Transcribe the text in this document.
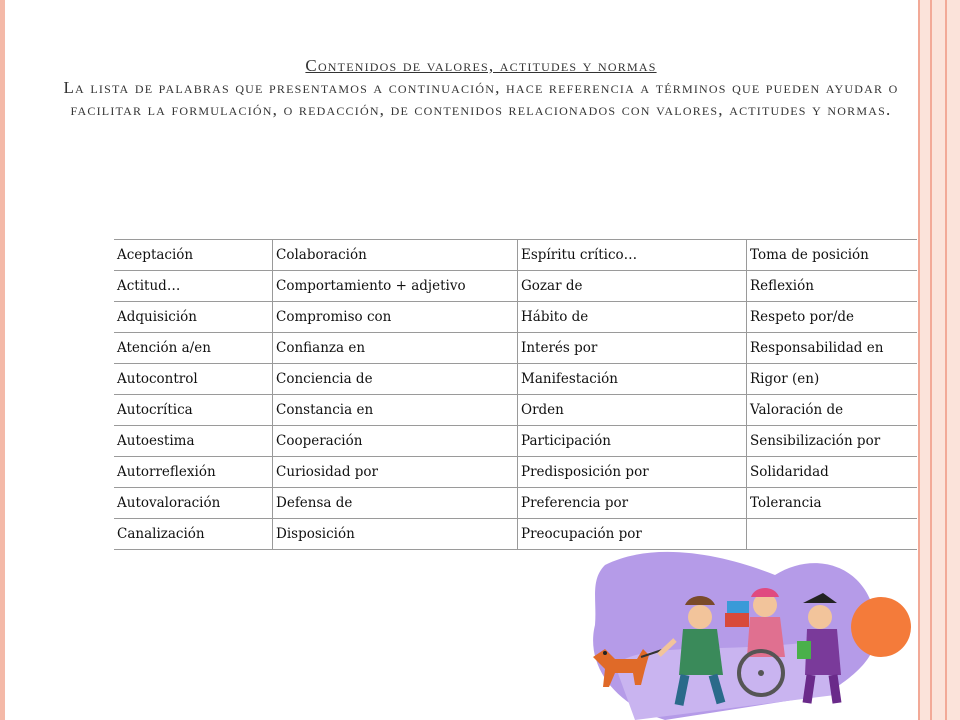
Contenidos de valores, actitudes y normas
La lista de palabras que presentamos a continuación, hace referencia a términos que pueden ayudar o facilitar la formulación, o redacción, de contenidos relacionados con valores, actitudes y normas.
Aceptación	Colaboración	Espíritu crítico…	Toma de posición
Actitud…	Comportamiento + adjetivo	Gozar de	Reflexión
Adquisición	Compromiso con	Hábito de	Respeto por/de
Atención a/en	Confianza en	Interés por	Responsabilidad en
Autocontrol	Conciencia de	Manifestación	Rigor (en)
Autocrítica	Constancia en	Orden	Valoración de
Autoestima	Cooperación	Participación	Sensibilización por
Autorreflexión	Curiosidad por	Predisposición por	Solidaridad
Autovaloración	Defensa de	Preferencia por	Tolerancia
Canalización	Disposición	Preocupación por	
